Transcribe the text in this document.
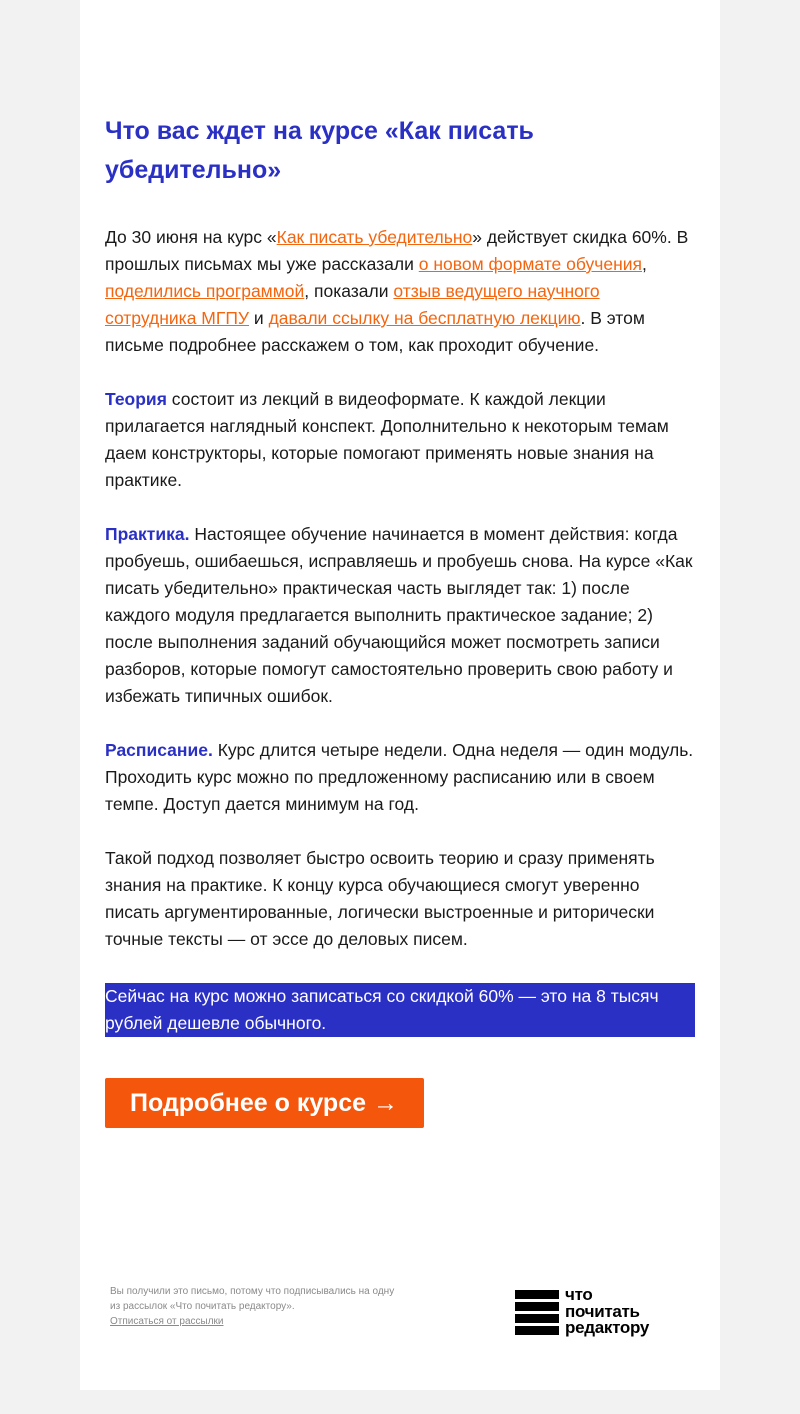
Что вас ждет на курсе «Как писать убедительно»

До 30 июня на курс «Как писать убедительно» действует скидка 60%. В прошлых письмах мы уже рассказали о новом формате обучения, поделились программой, показали отзыв ведущего научного сотрудника МГПУ и давали ссылку на бесплатную лекцию. В этом письме подробнее расскажем о том, как проходит обучение.

Теория состоит из лекций в видеоформате. К каждой лекции прилагается наглядный конспект. Дополнительно к некоторым темам даем конструкторы, которые помогают применять новые знания на практике.

Практика. Настоящее обучение начинается в момент действия: когда пробуешь, ошибаешься, исправляешь и пробуешь снова. На курсе «Как писать убедительно» практическая часть выглядет так: 1) после каждого модуля предлагается выполнить практическое задание; 2) после выполнения заданий обучающийся может посмотреть записи разборов, которые помогут самостоятельно проверить свою работу и избежать типичных ошибок.

Расписание. Курс длится четыре недели. Одна неделя — один модуль. Проходить курс можно по предложенному расписанию или в своем темпе. Доступ дается минимум на год.

Такой подход позволяет быстро освоить теорию и сразу применять знания на практике. К концу курса обучающиеся смогут уверенно писать аргументированные, логически выстроенные и риторически точные тексты — от эссе до деловых писем.

Сейчас на курс можно записаться со скидкой 60% — это на 8 тысяч рублей дешевле обычного.
Подробнее о курсе →
Вы получили это письмо, потому что подписывались на одну из рассылок «Что почитать редактору».
Отписаться от рассылки
что
почитать
редактору
